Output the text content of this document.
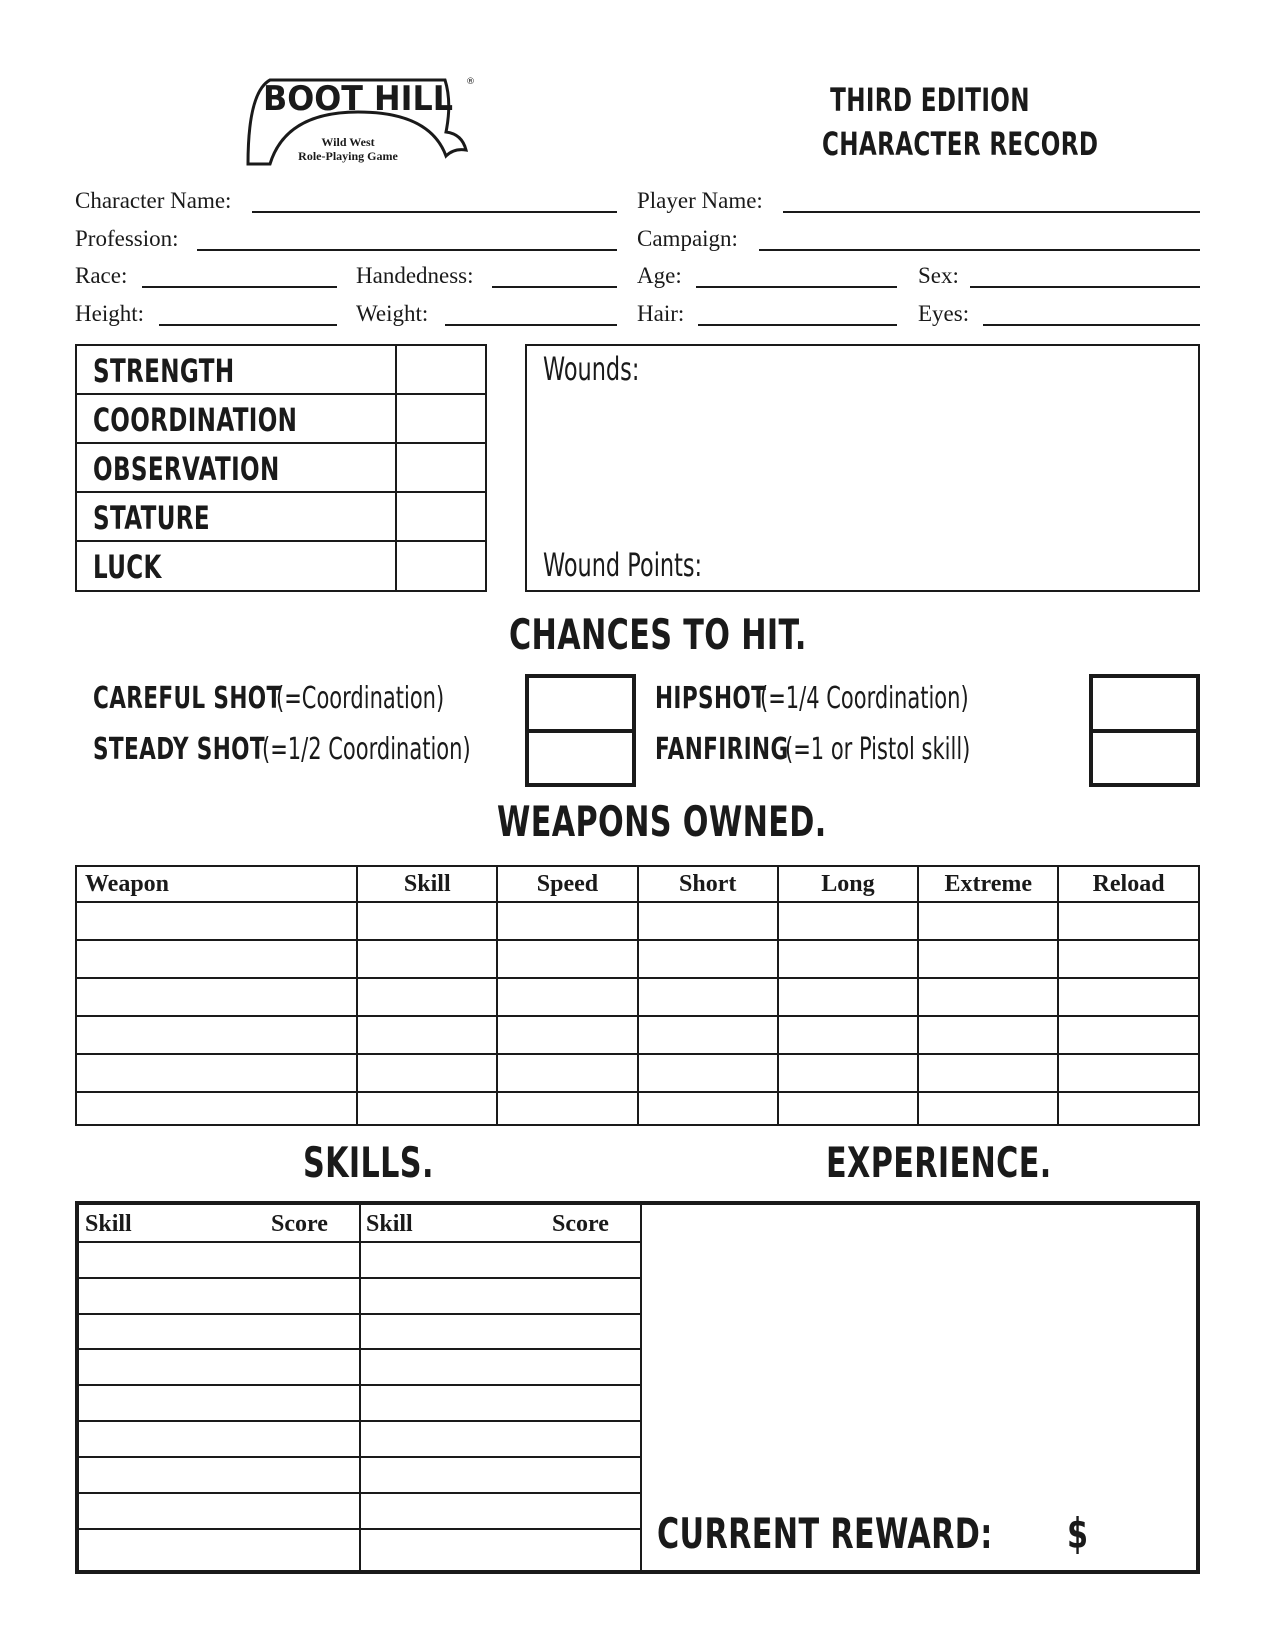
BOOT HILL ®
Wild West
Role-Playing Game
THIRD EDITION
CHARACTER RECORD
Character Name:	Player Name:
Profession:	Campaign:
Race:	Handedness:	Age:	Sex:
Height:	Weight:	Hair:	Eyes:
STRENGTH
COORDINATION
OBSERVATION
STATURE
LUCK
Wounds:
Wound Points:
CHANCES TO HIT.
CAREFUL SHOT
(=Coordination)
STEADY SHOT
(=1/2 Coordination)
HIPSHOT
(=1/4 Coordination)
FANFIRING
(=1 or Pistol skill)
WEAPONS OWNED.
Weapon	Skill	Speed	Short	Long	Extreme	Reload

SKILLS.	EXPERIENCE.
Skill	Score Skill	Score
CURRENT REWARD: $
